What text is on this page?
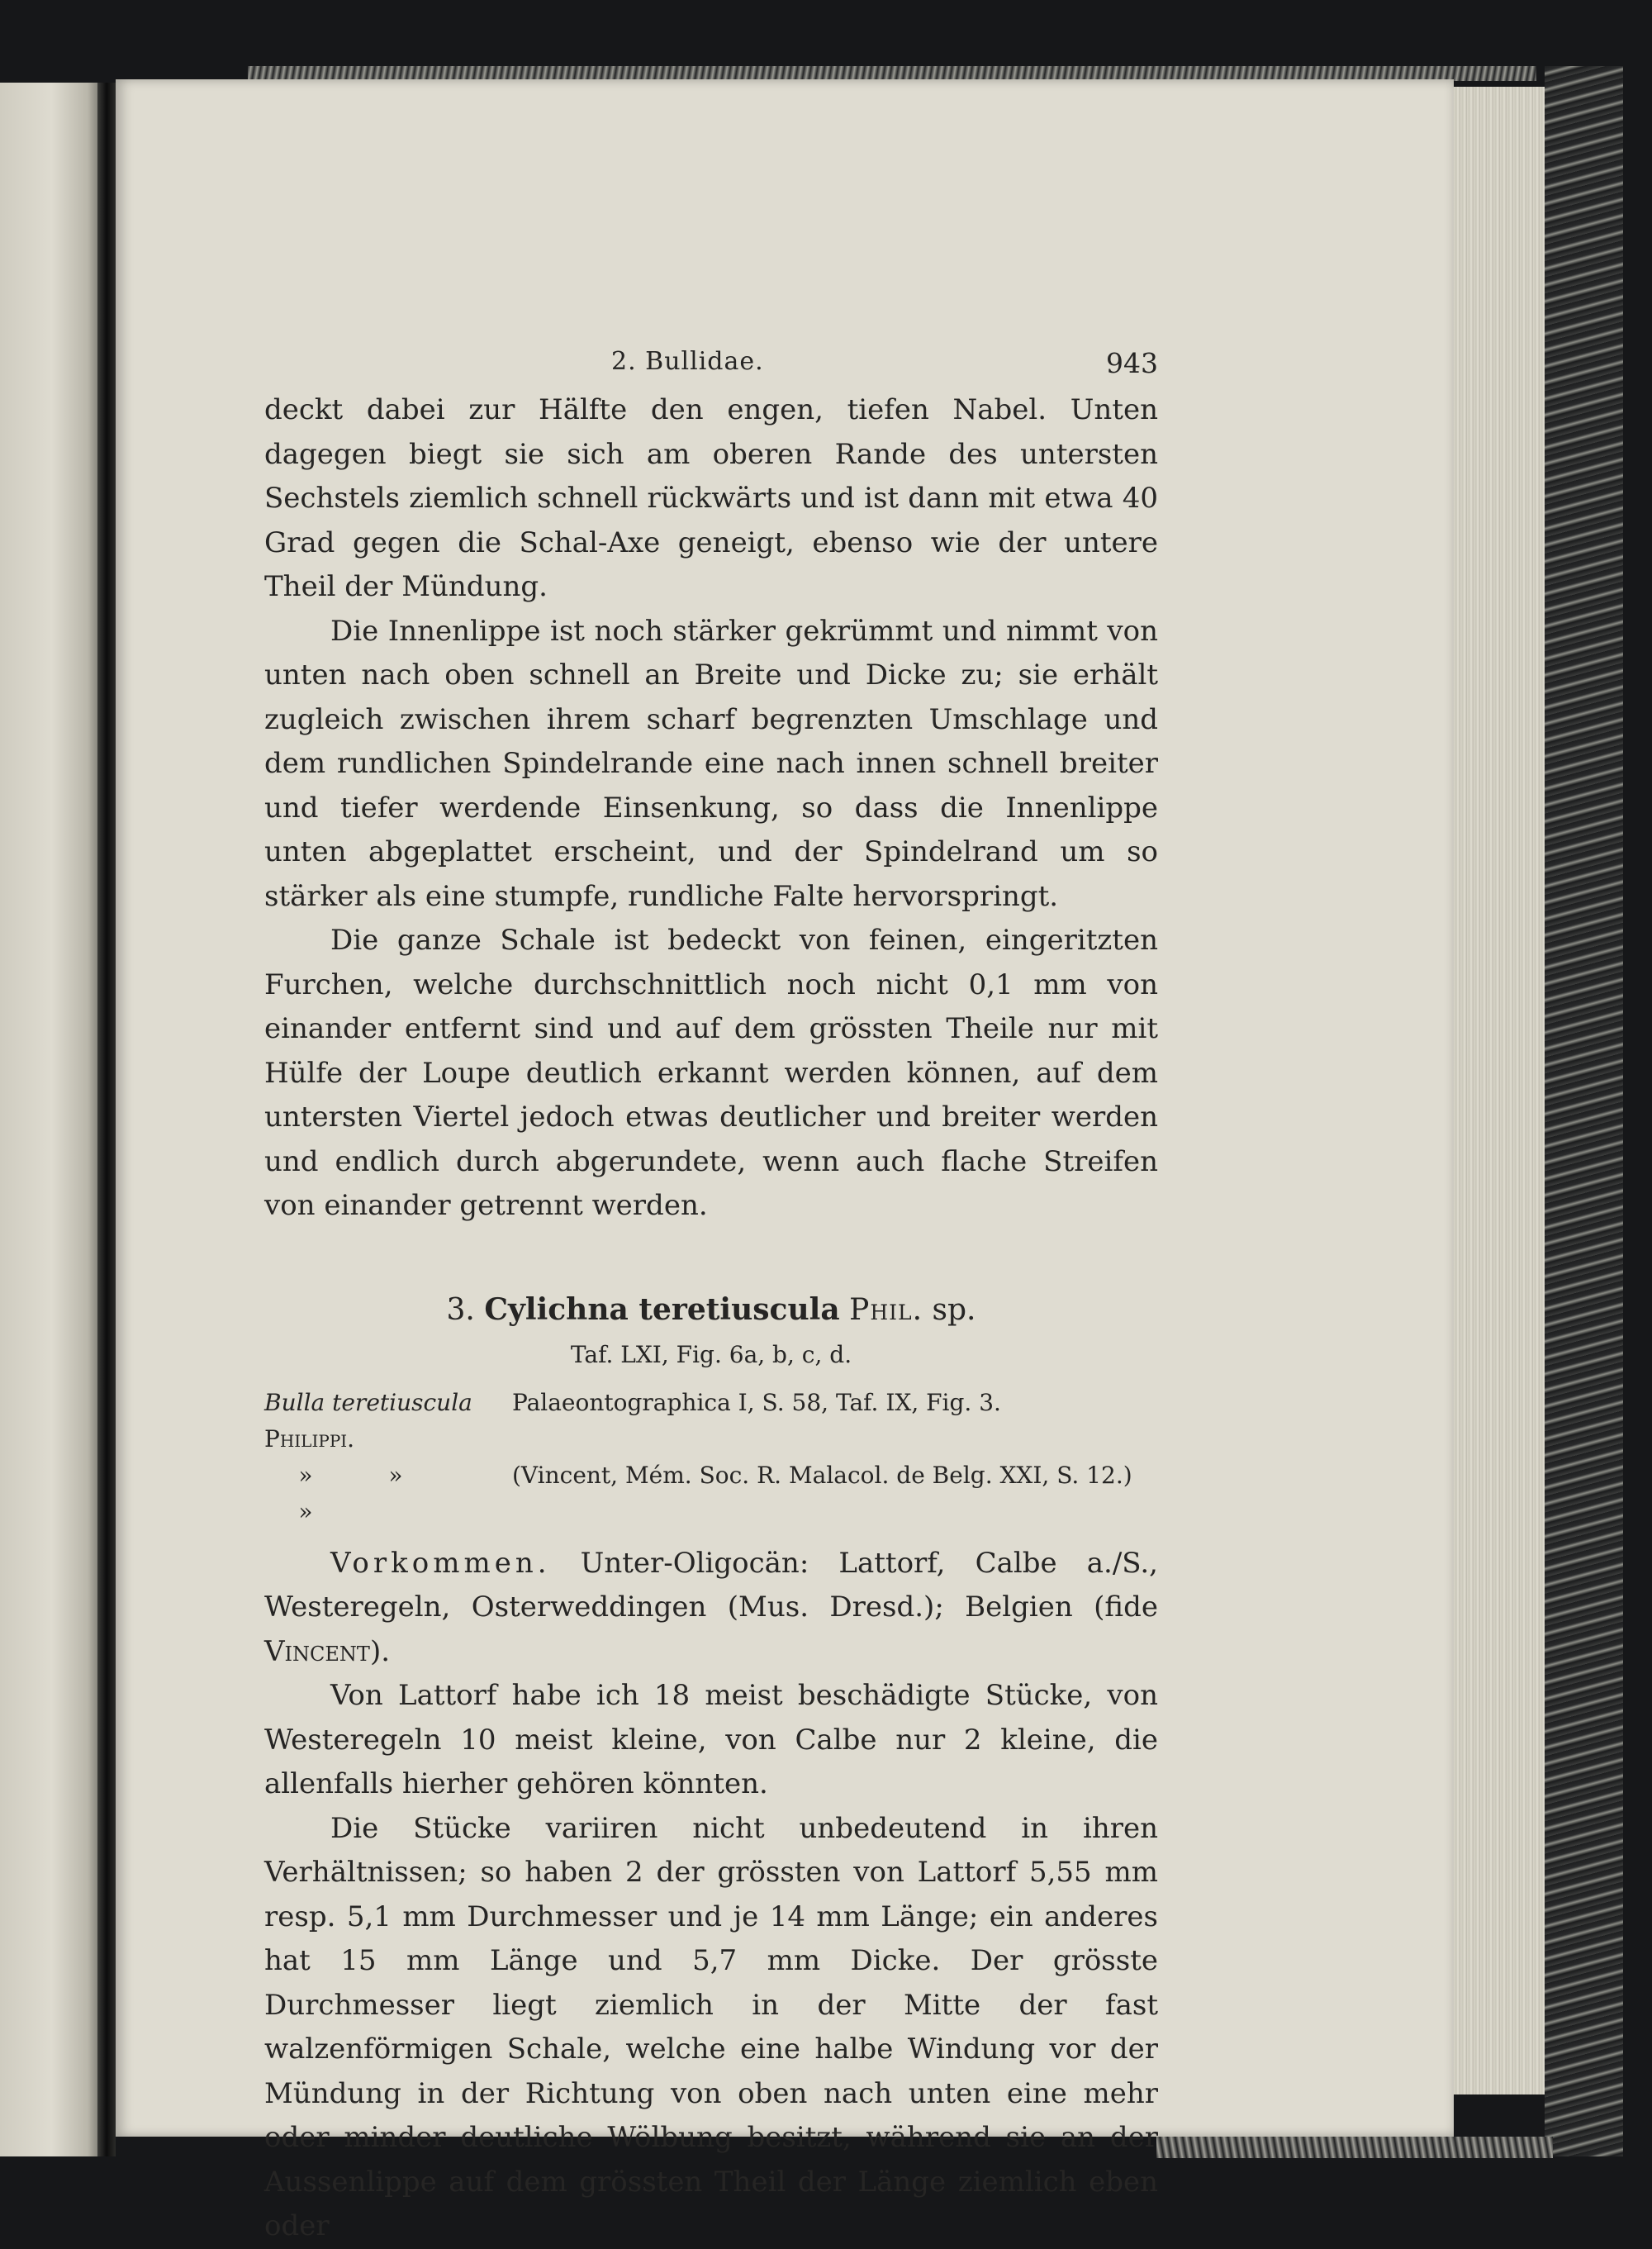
2. Bullidae.	943

deckt dabei zur Hälfte den engen, tiefen Nabel. Unten dagegen biegt sie sich am oberen Rande des untersten Sechstels ziemlich schnell rückwärts und ist dann mit etwa 40 Grad gegen die Schal-Axe geneigt, ebenso wie der untere Theil der Mündung.

Die Innenlippe ist noch stärker gekrümmt und nimmt von unten nach oben schnell an Breite und Dicke zu; sie erhält zugleich zwischen ihrem scharf begrenzten Umschlage und dem rundlichen Spindelrande eine nach innen schnell breiter und tiefer werdende Einsenkung, so dass die Innenlippe unten abgeplattet erscheint, und der Spindelrand um so stärker als eine stumpfe, rundliche Falte hervorspringt.

Die ganze Schale ist bedeckt von feinen, eingeritzten Furchen, welche durchschnittlich noch nicht 0,1 mm von einander entfernt sind und auf dem grössten Theile nur mit Hülfe der Loupe deutlich erkannt werden können, auf dem untersten Viertel jedoch etwas deutlicher und breiter werden und endlich durch abgerundete, wenn auch flache Streifen von einander getrennt werden.

3. Cylichna teretiuscula Phil. sp.

Taf. LXI, Fig. 6a, b, c, d.

Bulla teretiuscula Philippi.
Palaeontographica I, S. 58, Taf. IX, Fig. 3.
»	» »
(Vincent, Mém. Soc. R. Malacol. de Belg. XXI, S. 12.)

Vorkommen. Unter-Oligocän: Lattorf, Calbe a./S., Westeregeln, Osterweddingen (Mus. Dresd.); Belgien (fide Vincent).

Von Lattorf habe ich 18 meist beschädigte Stücke, von Westeregeln 10 meist kleine, von Calbe nur 2 kleine, die allenfalls hierher gehören könnten.

Die Stücke variiren nicht unbedeutend in ihren Verhältnissen; so haben 2 der grössten von Lattorf 5,55 mm resp. 5,1 mm Durchmesser und je 14 mm Länge; ein anderes hat 15 mm Länge und 5,7 mm Dicke. Der grösste Durchmesser liegt ziemlich in der Mitte der fast walzenförmigen Schale, welche eine halbe Windung vor der Mündung in der Richtung von oben nach unten eine mehr oder minder deutliche Wölbung besitzt, während sie an der Aussenlippe auf dem grössten Theil der Länge ziemlich eben oder
